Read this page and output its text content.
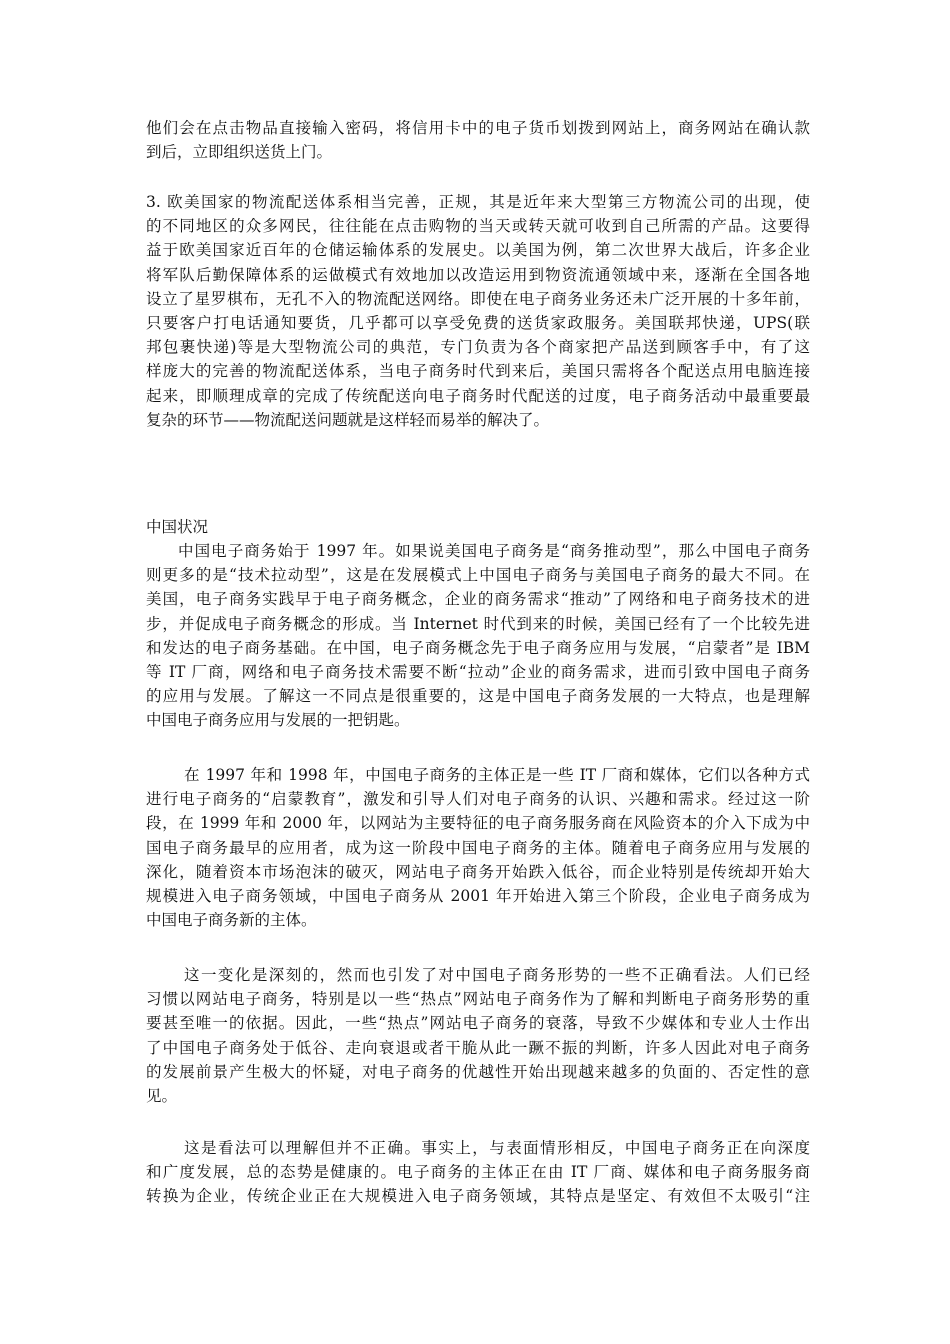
他们会在点击物品直接输入密码，将信用卡中的电子货币划拨到网站上，商务网站在确认款
到后，立即组织送货上门。
3. 欧美国家的物流配送体系相当完善，正规，其是近年来大型第三方物流公司的出现，使
的不同地区的众多网民，往往能在点击购物的当天或转天就可收到自己所需的产品。这要得
益于欧美国家近百年的仓储运输体系的发展史。以美国为例，第二次世界大战后，许多企业
将军队后勤保障体系的运做模式有效地加以改造运用到物资流通领域中来，逐渐在全国各地
设立了星罗棋布，无孔不入的物流配送网络。即使在电子商务业务还未广泛开展的十多年前，
只要客户打电话通知要货，几乎都可以享受免费的送货家政服务。美国联邦快递，UPS(联
邦包裹快递)等是大型物流公司的典范，专门负责为各个商家把产品送到顾客手中，有了这
样庞大的完善的物流配送体系，当电子商务时代到来后，美国只需将各个配送点用电脑连接
起来，即顺理成章的完成了传统配送向电子商务时代配送的过度，电子商务活动中最重要最
复杂的环节——物流配送问题就是这样轻而易举的解决了。
中国状况
中国电子商务始于 1997 年。如果说美国电子商务是“商务推动型”，那么中国电子商务
则更多的是“技术拉动型”，这是在发展模式上中国电子商务与美国电子商务的最大不同。在
美国，电子商务实践早于电子商务概念，企业的商务需求“推动”了网络和电子商务技术的进
步，并促成电子商务概念的形成。当 Internet 时代到来的时候，美国已经有了一个比较先进
和发达的电子商务基础。在中国，电子商务概念先于电子商务应用与发展，“启蒙者”是 IBM
等 IT 厂商，网络和电子商务技术需要不断“拉动”企业的商务需求，进而引致中国电子商务
的应用与发展。了解这一不同点是很重要的，这是中国电子商务发展的一大特点，也是理解
中国电子商务应用与发展的一把钥匙。
在 1997 年和 1998 年，中国电子商务的主体正是一些 IT 厂商和媒体，它们以各种方式
进行电子商务的“启蒙教育”，激发和引导人们对电子商务的认识、兴趣和需求。经过这一阶
段，在 1999 年和 2000 年，以网站为主要特征的电子商务服务商在风险资本的介入下成为中
国电子商务最早的应用者，成为这一阶段中国电子商务的主体。随着电子商务应用与发展的
深化，随着资本市场泡沫的破灭，网站电子商务开始跌入低谷，而企业特别是传统却开始大
规模进入电子商务领域，中国电子商务从 2001 年开始进入第三个阶段，企业电子商务成为
中国电子商务新的主体。
这一变化是深刻的，然而也引发了对中国电子商务形势的一些不正确看法。人们已经
习惯以网站电子商务，特别是以一些“热点”网站电子商务作为了解和判断电子商务形势的重
要甚至唯一的依据。因此，一些“热点”网站电子商务的衰落，导致不少媒体和专业人士作出
了中国电子商务处于低谷、走向衰退或者干脆从此一蹶不振的判断，许多人因此对电子商务
的发展前景产生极大的怀疑，对电子商务的优越性开始出现越来越多的负面的、否定性的意
见。
这是看法可以理解但并不正确。事实上，与表面情形相反，中国电子商务正在向深度
和广度发展，总的态势是健康的。电子商务的主体正在由 IT 厂商、媒体和电子商务服务商
转换为企业，传统企业正在大规模进入电子商务领域，其特点是坚定、有效但不太吸引“注
